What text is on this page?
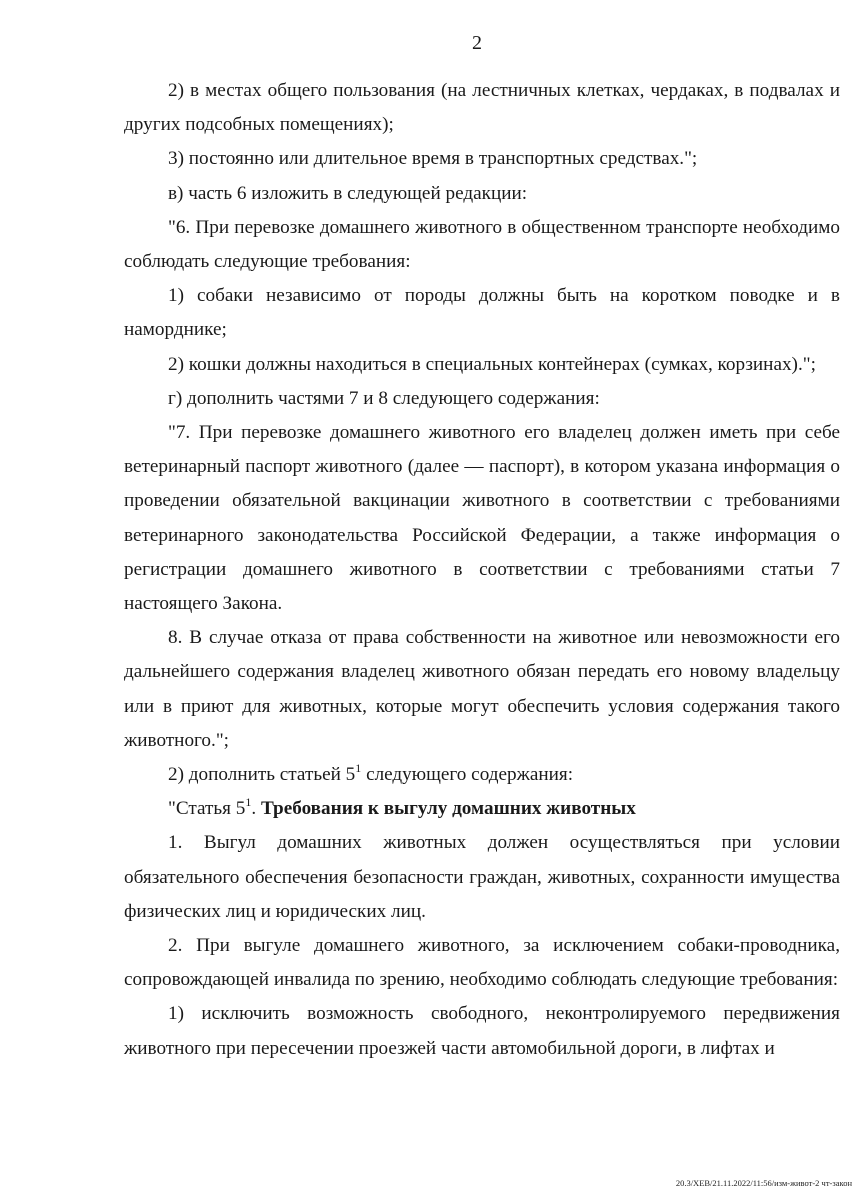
2

2) в местах общего пользования (на лестничных клетках, чердаках, в подвалах и других подсобных помещениях);

3) постоянно или длительное время в транспортных средствах.";

в) часть 6 изложить в следующей редакции:

"6. При перевозке домашнего животного в общественном транспорте необходимо соблюдать следующие требования:

1) собаки независимо от породы должны быть на коротком поводке и в наморднике;

2) кошки должны находиться в специальных контейнерах (сумках, корзинах).";

г) дополнить частями 7 и 8 следующего содержания:

"7. При перевозке домашнего животного его владелец должен иметь при себе ветеринарный паспорт животного (далее — паспорт), в котором указана информация о проведении обязательной вакцинации животного в соответствии с требованиями ветеринарного законодательства Российской Федерации, а также информация о регистрации домашнего животного в соответствии с требованиями статьи 7 настоящего Закона.

8. В случае отказа от права собственности на животное или невозможности его дальнейшего содержания владелец животного обязан передать его новому владельцу или в приют для животных, которые могут обеспечить условия содержания такого животного.";

2) дополнить статьей $5^1$ следующего содержания:

"Статья $5^1$. Требования к выгулу домашних животных

1. Выгул домашних животных должен осуществляться при условии обязательного обеспечения безопасности граждан, животных, сохранности имущества физических лиц и юридических лиц.

2. При выгуле домашнего животного, за исключением собаки-проводника, сопровождающей инвалида по зрению, необходимо соблюдать следующие требования:

1) исключить возможность свободного, неконтролируемого передвижения животного при пересечении проезжей части автомобильной дороги, в лифтах и

20.3/ХЕВ/21.11.2022/11:56/изм-живот-2 чт-закон
